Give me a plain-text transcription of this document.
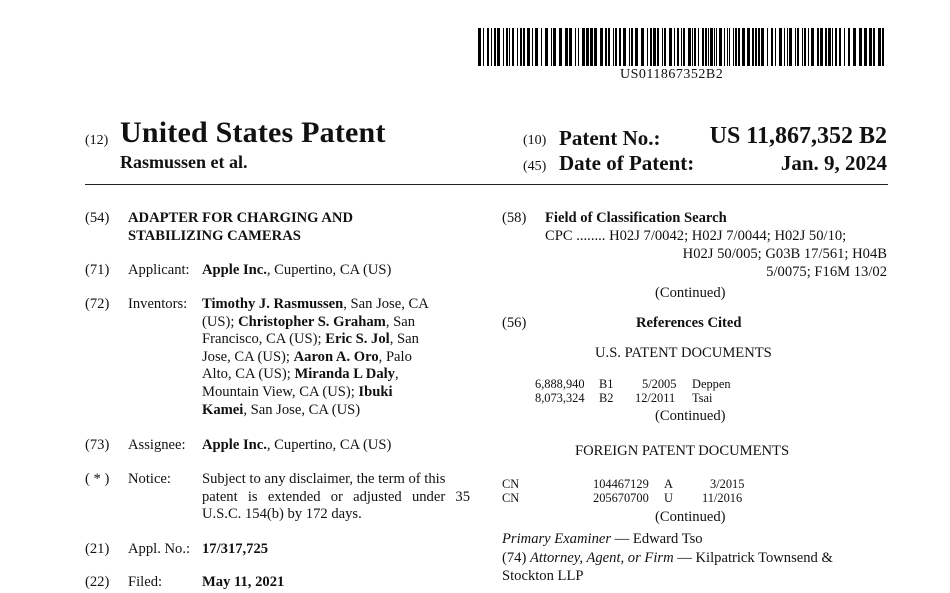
US011867352B2
(12) United States Patent
Rasmussen et al.
(10) Patent No.: US 11,867,352 B2
(45) Date of Patent:	Jan. 9, 2024
(54) ADAPTER FOR CHARGING AND
STABILIZING CAMERAS
(71) Applicant: Apple Inc., Cupertino, CA (US)
(72) Inventors: Timothy J. Rasmussen, San Jose, CA
(US); Christopher S. Graham, San
Francisco, CA (US); Eric S. Jol, San
Jose, CA (US); Aaron A. Oro, Palo
Alto, CA (US); Miranda L Daly,
Mountain View, CA (US); Ibuki
Kamei, San Jose, CA (US)
(73) Assignee: Apple Inc., Cupertino, CA (US)
( * ) Notice: Subject to any disclaimer, the term of this
patent is extended or adjusted under 35
U.S.C. 154(b) by 172 days.
(21) Appl. No.: 17/317,725
(22) Filed:	May 11, 2021
(58) Field of Classification Search
CPC ........ H02J 7/0042; H02J 7/0044; H02J 50/10;
H02J 50/005; G03B 17/561; H04B
5/0075; F16M 13/02
(Continued)
(56)	References Cited
U.S. PATENT DOCUMENTS
6,888,940 B1 5/2005 Deppen
8,073,324 B2 12/2011 Tsai
(Continued)
FOREIGN PATENT DOCUMENTS
CN	104467129 A	3/2015
CN	205670700 U 11/2016
(Continued)
Primary Examiner — Edward Tso
(74) Attorney, Agent, or Firm — Kilpatrick Townsend &
Stockton LLP
